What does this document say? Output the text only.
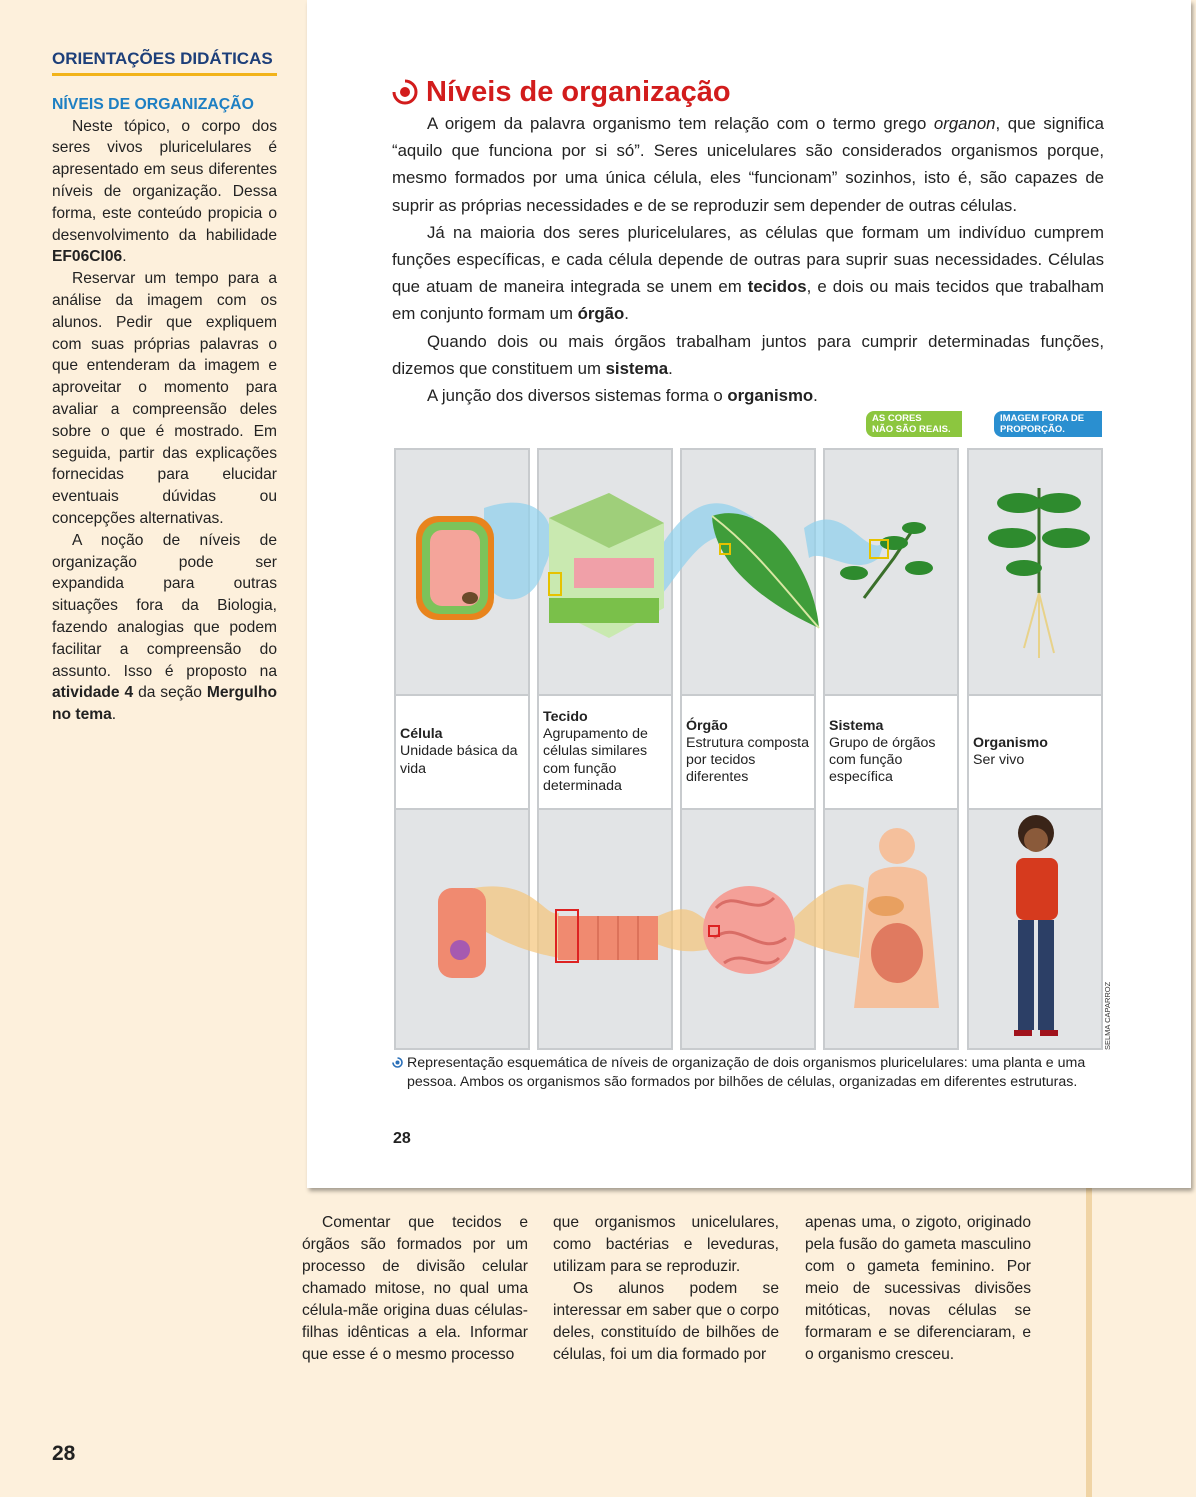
ORIENTAÇÕES DIDÁTICAS
NÍVEIS DE ORGANIZAÇÃO

Neste tópico, o corpo dos seres vivos pluricelulares é apresentado em seus diferentes níveis de organização. Dessa forma, este conteúdo propicia o desenvolvimento da habilidade EF06CI06.

Reservar um tempo para a análise da imagem com os alunos. Pedir que expliquem com suas próprias palavras o que entenderam da imagem e aproveitar o momento para avaliar a compreensão deles sobre o que é mostrado. Em seguida, partir das explicações fornecidas para elucidar eventuais dúvidas ou concepções alternativas.

A noção de níveis de organização pode ser expandida para outras situações fora da Biologia, fazendo analogias que podem facilitar a compreensão do assunto. Isso é proposto na atividade 4 da seção Mergulho no tema.

Níveis de organização

A origem da palavra organismo tem relação com o termo grego organon, que significa “aquilo que funciona por si só”. Seres unicelulares são considerados organismos porque, mesmo formados por uma única célula, eles “funcionam” sozinhos, isto é, são capazes de suprir as próprias necessidades e de se reproduzir sem depender de outras células.

Já na maioria dos seres pluricelulares, as células que formam um indivíduo cumprem funções específicas, e cada célula depende de outras para suprir suas necessidades. Células que atuam de maneira integrada se unem em tecidos, e dois ou mais tecidos que trabalham em conjunto formam um órgão.

Quando dois ou mais órgãos trabalham juntos para cumprir determinadas funções, dizemos que constituem um sistema.

A junção dos diversos sistemas forma o organismo.

AS CORES
NÃO SÃO REAIS.
IMAGEM FORA DE
PROPORÇÃO.
Célula
Unidade básica da vida
Tecido
Agrupamento de células similares com função determinada
Órgão
Estrutura composta por tecidos diferentes
Sistema
Grupo de órgãos com função específica
Organismo
Ser vivo
SELMA CAPARROZ
Representação esquemática de níveis de organização de dois organismos pluricelulares: uma planta e uma pessoa. Ambos os organismos são formados por bilhões de células, organizadas em diferentes estruturas.
28

Comentar que tecidos e órgãos são formados por um processo de divisão celular chamado mitose, no qual uma célula-mãe origina duas células-filhas idênticas a ela. Informar que esse é o mesmo processo

que organismos unicelulares, como bactérias e leveduras, utilizam para se reproduzir.

Os alunos podem se interessar em saber que o corpo deles, constituído de bilhões de células, foi um dia formado por

apenas uma, o zigoto, originado pela fusão do gameta masculino com o gameta feminino. Por meio de sucessivas divisões mitóticas, novas células se formaram e se diferenciaram, e o organismo cresceu.

28
